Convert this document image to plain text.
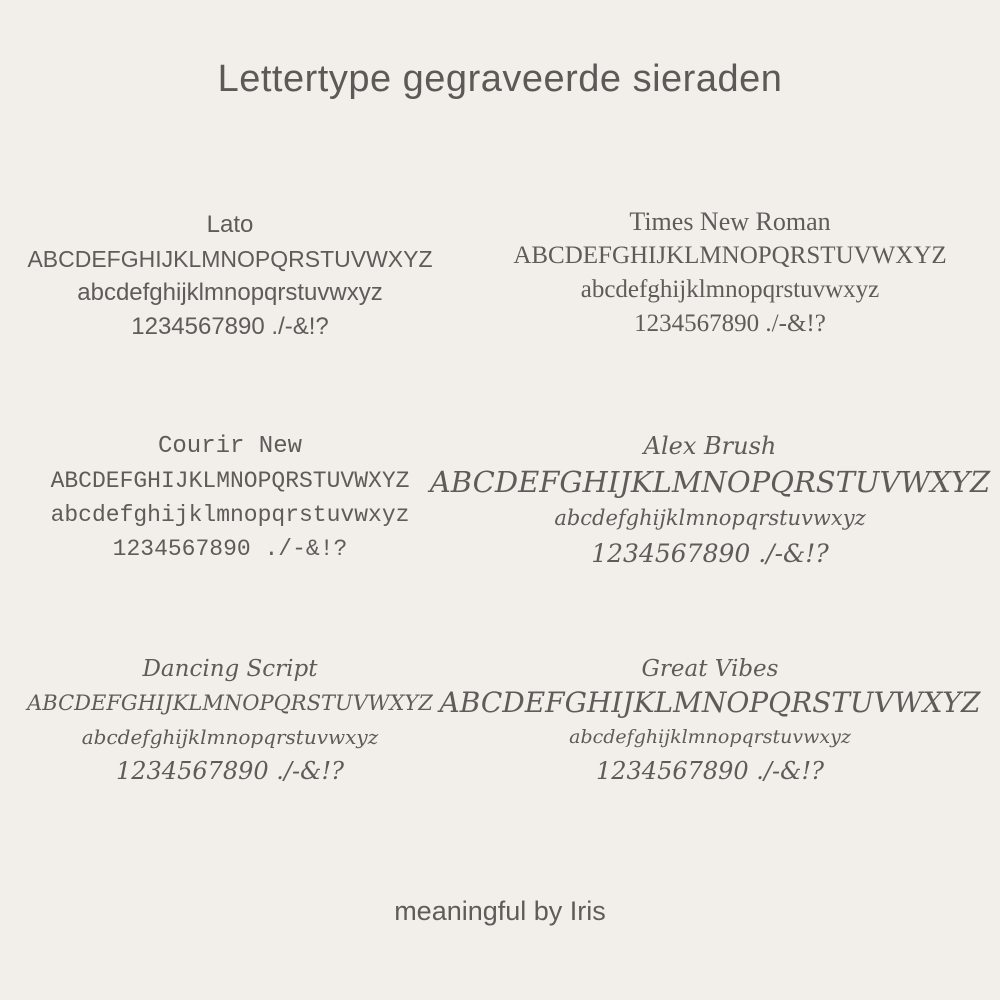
Lettertype gegraveerde sieraden
Lato
ABCDEFGHIJKLMNOPQRSTUVWXYZ
abcdefghijklmnopqrstuvwxyz
1234567890 ./-&!?
Times New Roman
ABCDEFGHIJKLMNOPQRSTUVWXYZ
abcdefghijklmnopqrstuvwxyz
1234567890 ./-&!?
Courir New
ABCDEFGHIJKLMNOPQRSTUVWXYZ
abcdefghijklmnopqrstuvwxyz
1234567890 ./-&!?
Alex Brush
ABCDEFGHIJKLMNOPQRSTUVWXYZ
abcdefghijklmnopqrstuvwxyz
1234567890 ./-&!?
Dancing Script
ABCDEFGHIJKLMNOPQRSTUVWXYZ
abcdefghijklmnopqrstuvwxyz
1234567890 ./-&!?
Great Vibes
ABCDEFGHIJKLMNOPQRSTUVWXYZ
abcdefghijklmnopqrstuvwxyz
1234567890 ./-&!?
meaningful by Iris
